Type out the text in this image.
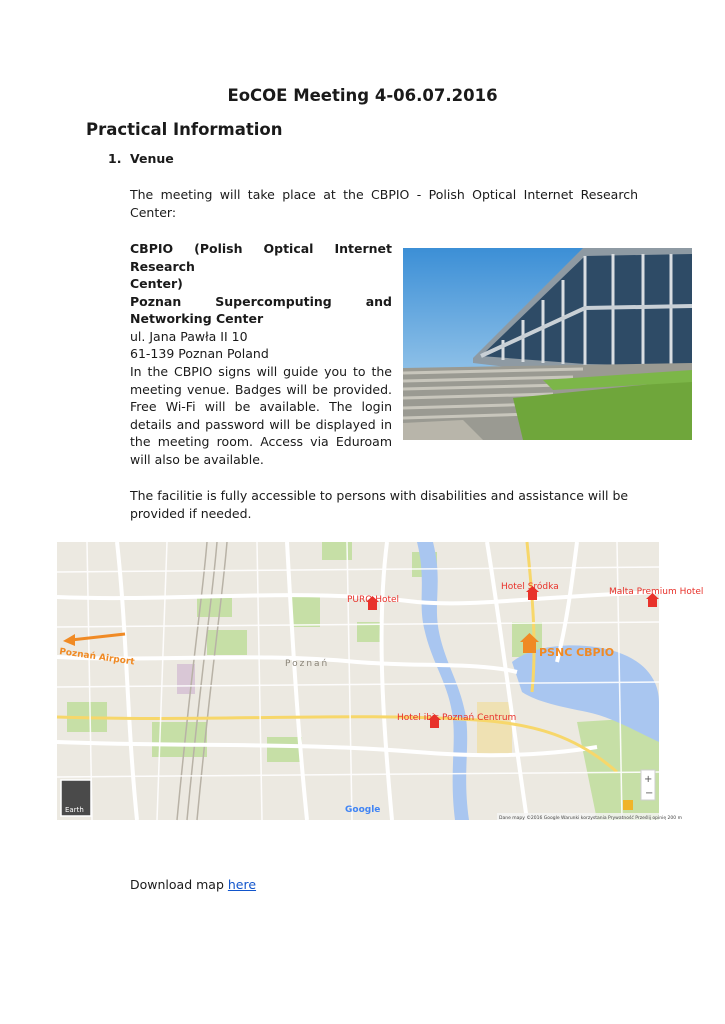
EoCOE Meeting 4-06.07.2016
Practical Information
1. Venue
The meeting will take place at the CBPIO - Polish Optical Internet Research Center:
CBPIO (Polish Optical Internet Research
Center)
Poznan Supercomputing and
Networking Center
ul. Jana Pawła II 10
61-139 Poznan Poland
In the CBPIO signs will guide you to the meeting venue. Badges will be provided. Free Wi-Fi will be available. The login details and password will be displayed in the meeting room. Access via Eduroam will also be available.
The facilitie is fully accessible to persons with disabilities and assistance will be provided if needed.
Poznań Airport
PURO Hotel
Hotel Sródka	Malta Premium Hotel
PSNC CBPIO
Hotel ibis Poznań Centrum
Poznań
Earth	Google
+
−
Dane mapy ©2016 Google Warunki korzystania Prywatność Prześlij opinię 200 m
Download map here
